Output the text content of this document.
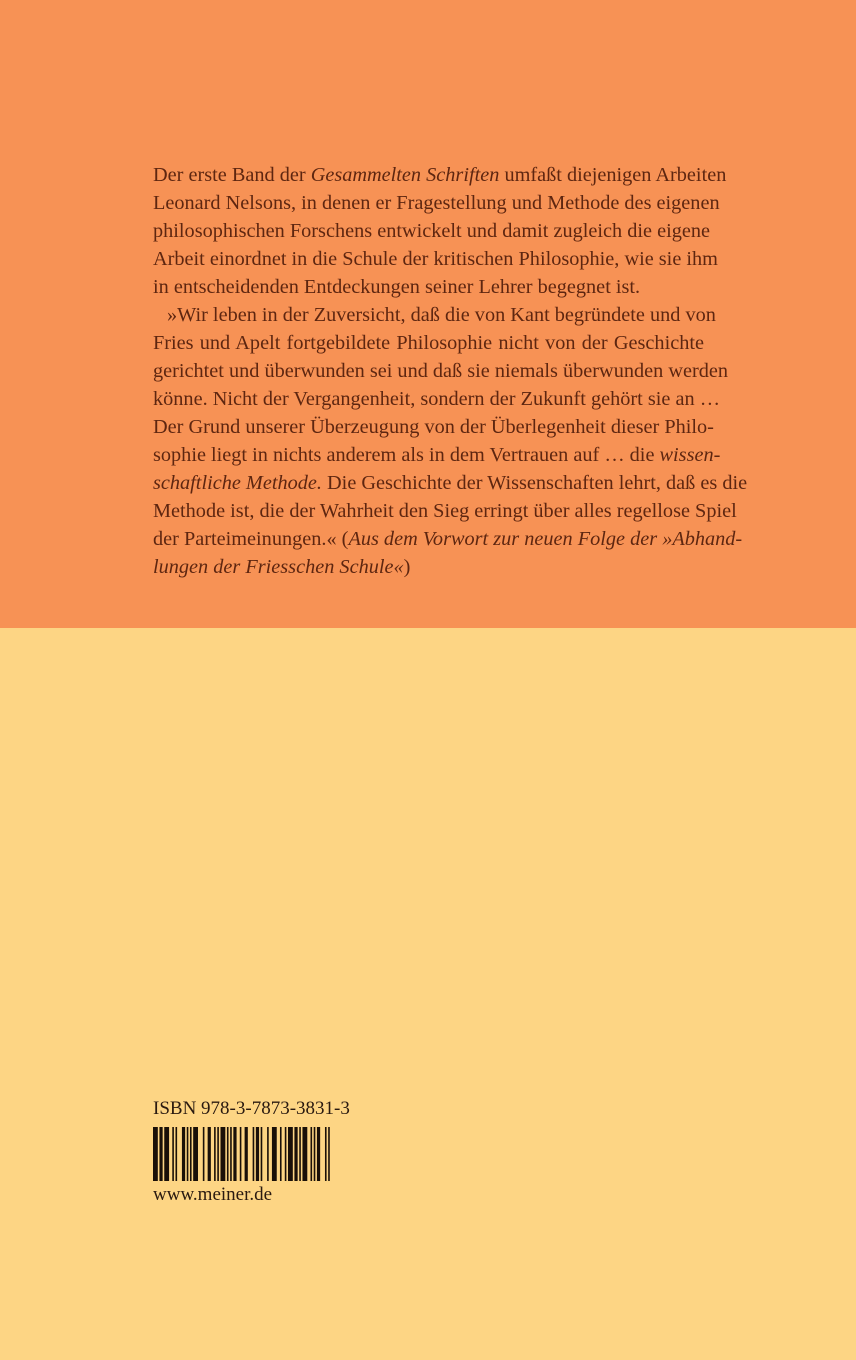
Der erste Band der Gesammelten Schriften umfaßt diejenigen Arbeiten
Leonard Nelsons, in denen er Fragestellung und Methode des eigenen
philosophischen Forschens entwickelt und damit zugleich die eigene
Arbeit einordnet in die Schule der kritischen Philosophie, wie sie ihm
in entscheidenden Entdeckungen seiner Lehrer begegnet ist.
»Wir leben in der Zuversicht, daß die von Kant begründete und von
Fries und Apelt fortgebildete Philosophie nicht von der Geschichte
gerichtet und überwunden sei und daß sie niemals überwunden werden
könne. Nicht der Vergangenheit, sondern der Zukunft gehört sie an …
Der Grund unserer Überzeugung von der Überlegenheit dieser Philo-
sophie liegt in nichts anderem als in dem Vertrauen auf … die wissen-
schaftliche Methode. Die Geschichte der Wissenschaften lehrt, daß es die
Methode ist, die der Wahrheit den Sieg erringt über alles regellose Spiel
der Parteimeinungen.« (Aus dem Vorwort zur neuen Folge der »Abhand-
lungen der Friesschen Schule«)
ISBN 978-3-7873-3831-3
www.meiner.de
